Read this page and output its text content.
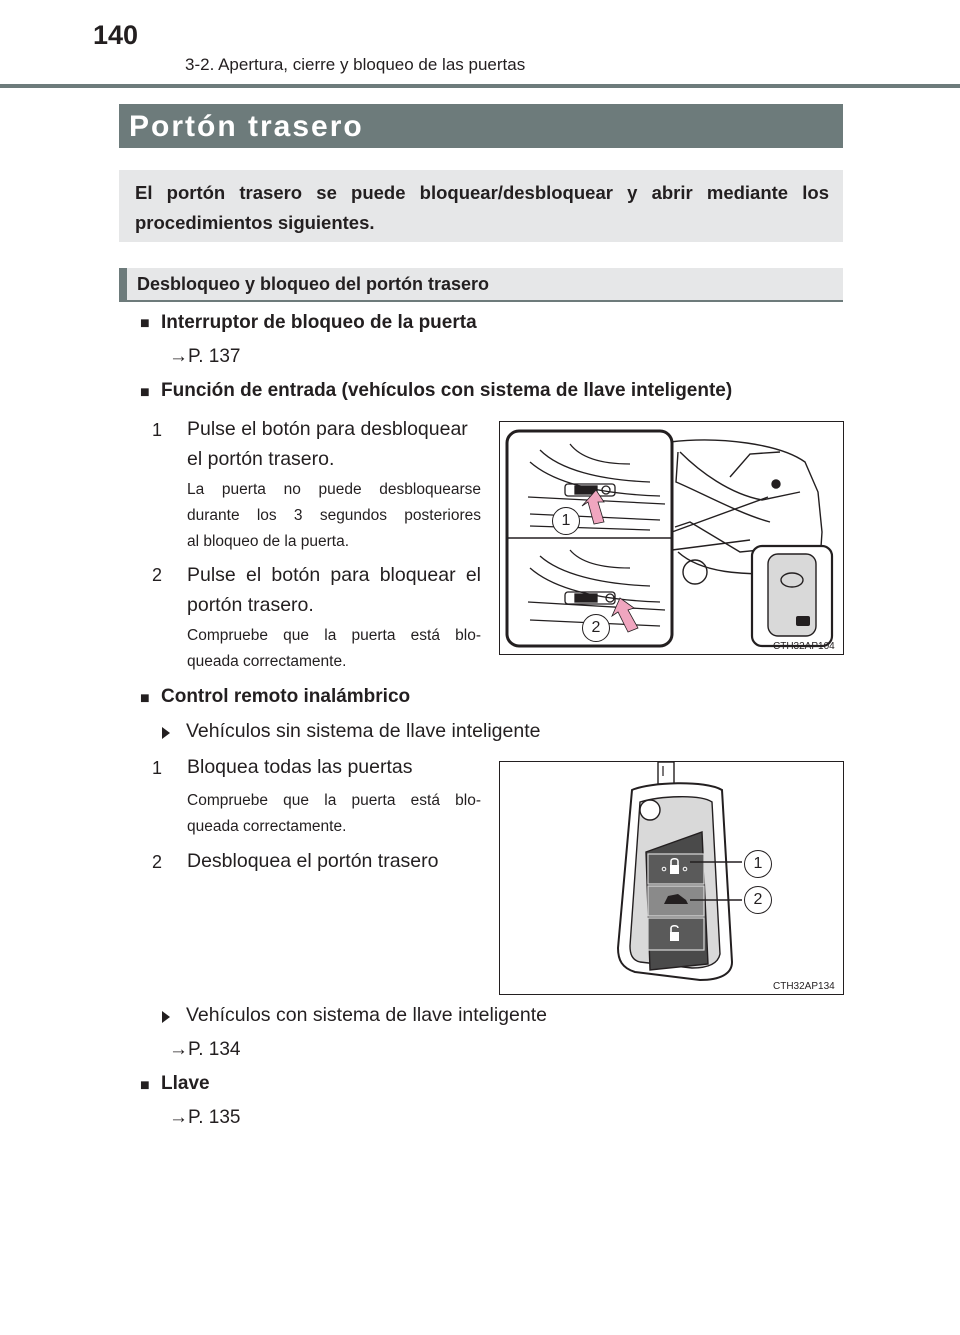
140
3-2. Apertura, cierre y bloqueo de las puertas
Portón trasero
El portón trasero se puede bloquear/desbloquear y abrir mediante los procedimientos siguientes.
Desbloqueo y bloqueo del portón trasero
■ Interruptor de bloqueo de la puerta
→P. 137
■ Función de entrada (vehículos con sistema de llave inteligente)
1 Pulse el botón para desbloquear
el portón trasero.
La puerta no puede desbloquearse
durante los 3 segundos posteriores
al bloqueo de la puerta.
2 Pulse el botón para bloquear el
portón trasero.
Compruebe que la puerta está blo-
queada correctamente.
1
2
CTH32AP104
■ Control remoto inalámbrico
Vehículos sin sistema de llave inteligente
1 Bloquea todas las puertas
Compruebe que la puerta está blo-
queada correctamente.
2 Desbloquea el portón trasero	1
2
CTH32AP134
Vehículos con sistema de llave inteligente
→P. 134
■ Llave
→P. 135
